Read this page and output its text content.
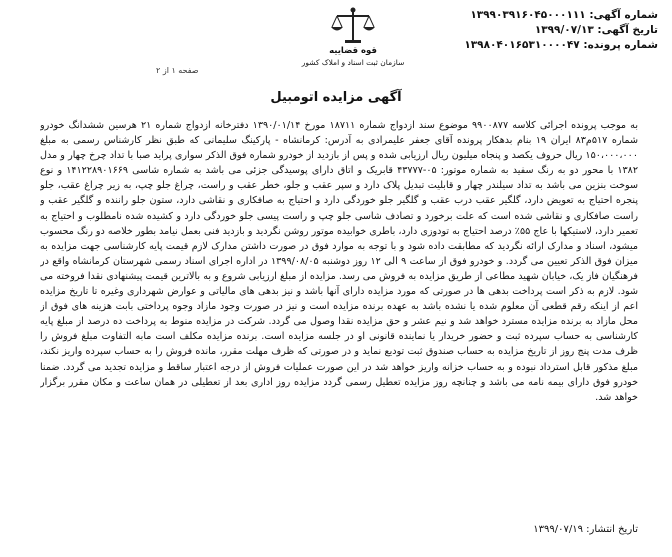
شماره آگهی: ۱۳۹۹۰۳۹۱۶۰۴۵۰۰۰۱۱۱
تاریخ آگهی: ۱۳۹۹/۰۷/۱۳
شماره پرونده: ۱۳۹۸۰۴۰۱۶۵۳۱۰۰۰۰۴۷
قوه قضاییه
سازمان ثبت اسناد و املاک کشور
صفحه ۱ از ۲
آگهی مزایده اتومبیل
به موجب پرونده اجرائی کلاسه ۹۹۰۰۸۷۷ موضوع سند ازدواج شماره ۱۸۷۱۱ مورخ ۱۳۹۰/۰۱/۱۴ دفترخانه ازدواج شماره ۲۱ هرسین ششدانگ خودرو شماره ۵۱۷م۸۳ ایران ۱۹ بنام بدهکار پرونده آقای جعفر علیمرادی به آدرس: کرمانشاه - پارکینگ سلیمانی که طبق نظر کارشناس رسمی به مبلغ ۱۵۰،۰۰۰،۰۰۰ ریال حروف یکصد و پنجاه میلیون ریال ارزیابی شده و پس از بازدید از خودرو شماره فوق الذکر سواری پراید صبا با تداد چرخ چهار و مدل ۱۳۸۲ با محور دو به رنگ سفید به شماره موتور: ۰۵-۴۳۷۷۷ قابریک و اتاق دارای پوسیدگی جزئی می باشد به شماره شاسی ۱۴۱۲۲۸۹۰۱۶۶۹ و نوع سوخت بنزین می باشد به تداد سیلندر چهار و قابلیت تبدیل پلاک دارد و سپر عقب و جلو، خطر عقب و راست، چراغ جلو چپ، به زیر چراغ عقب، جلو پنجره احتیاج به تعویض دارد، گلگیر عقب درب عقب و گلگیر جلو خوردگی دارد و احتیاج به صافکاری و نقاشی دارد، ستون جلو راننده و گلگیر عقب و راست صافکاری و نقاشی شده است که علت برخورد و تصادف شاسی جلو چپ و راست پیسی جلو خوردگی دارد و کشیده شده نامطلوب و احتیاج به تعمیر دارد، لاستیکها با عاج ۵۵٪ درصد احتیاج به تودوزی دارد، باطری خوابیده موتور روشن نگردید و بازدید فنی بعمل نیامد بطور خلاصه دو رنگ محسوب میشود، اسناد و مدارک ارائه نگردید که مطابقت داده شود و با توجه به موارد فوق در صورت داشتن مدارک لازم قیمت پایه کارشناسی جهت مزایده به میزان فوق الذکر تعیین می گردد. و خودرو فوق از ساعت ۹ الی ۱۲ روز دوشنبه ۱۳۹۹/۰۸/۰۵ در اداره اجرای اسناد رسمی شهرستان کرمانشاه واقع در فرهنگیان فاز یک، خیابان شهید مطاعی از طریق مزایده به فروش می رسد. مزایده از مبلغ ارزیابی شروع و به بالاترین قیمت پیشنهادی نقدا فروخته می شود. لازم به ذکر است پرداخت بدهی ها در صورتی که مورد مزایده دارای آنها باشد و نیز بدهی های مالیاتی و عوارض شهرداری وغیره تا تاریخ مزایده اعم از اینکه رقم قطعی آن معلوم شده یا نشده باشد به عهده برنده مزایده است و نیز در صورت وجود مازاد وجوه پرداختی بابت هزینه های فوق از محل مازاد به برنده مزایده مسترد خواهد شد و نیم عشر و حق مزایده نقدا وصول می گردد. شرکت در مزایده منوط به پرداخت ده درصد از مبلغ پایه کارشناسی به حساب سپرده ثبت و حضور خریدار یا نماینده قانونی او در جلسه مزایده است. برنده مزایده مکلف است مابه التفاوت مبلغ فروش را ظرف مدت پنج روز از تاریخ مزایده به حساب صندوق ثبت تودیع نماید و در صورتی که ظرف مهلت مقرر، مانده فروش را به حساب سپرده واریز نکند، مبلغ مذکور قابل استرداد نبوده و به حساب خزانه واریز خواهد شد در این صورت عملیات فروش از درجه اعتبار ساقط و مزایده تجدید می گردد. ضمنا خودرو فوق دارای بیمه نامه می باشد و چنانچه روز مزایده تعطیل رسمی گردد مزایده روز اداری بعد از تعطیلی در همان ساعت و مکان مقرر برگزار خواهد شد.
تاریخ انتشار: ۱۳۹۹/۰۷/۱۹
